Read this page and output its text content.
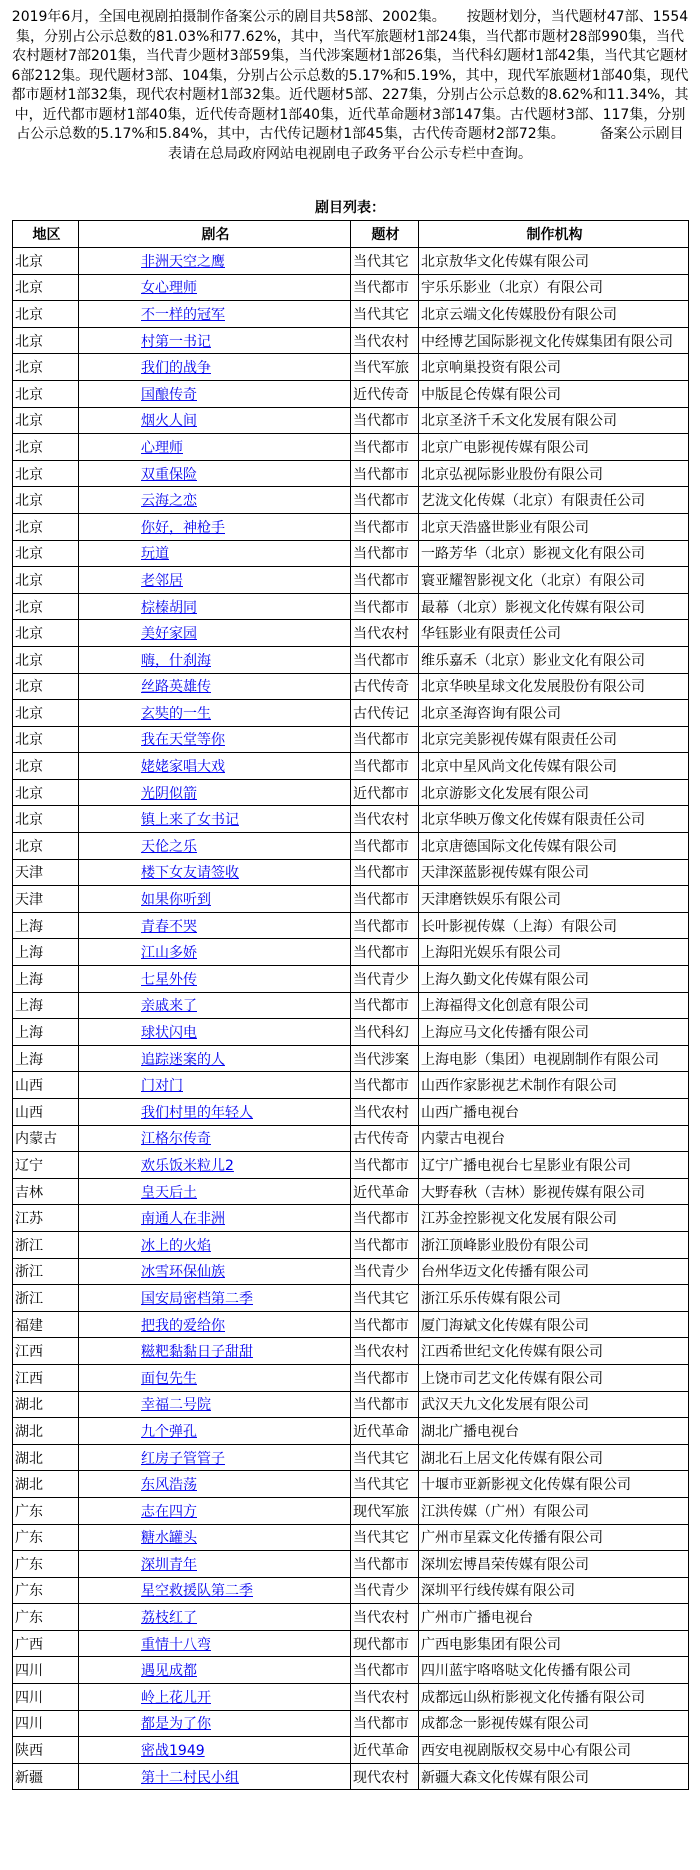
2019年6月，全国电视剧拍摄制作备案公示的剧目共58部、2002集。　　按题材划分，当代题材47部、1554集，分别占公示总数的81.03%和77.62%，其中，当代军旅题材1部24集，当代都市题材28部990集，当代农村题材7部201集，当代青少题材3部59集，当代涉案题材1部26集，当代科幻题材1部42集，当代其它题材6部212集。现代题材3部、104集，分别占公示总数的5.17%和5.19%，其中，现代军旅题材1部40集，现代都市题材1部32集，现代农村题材1部32集。近代题材5部、227集，分别占公示总数的8.62%和11.34%，其中，近代都市题材1部40集，近代传奇题材1部40集，近代革命题材3部147集。古代题材3部、117集，分别占公示总数的5.17%和5.84%，其中，古代传记题材1部45集，古代传奇题材2部72集。　　　备案公示剧目表请在总局政府网站电视剧电子政务平台公示专栏中查询。

剧目列表：
地区	剧名	题材	制作机构
北京	非洲天空之鹰	当代其它	北京敖华文化传媒有限公司
北京	女心理师	当代都市	宇乐乐影业（北京）有限公司
北京	不一样的冠军	当代其它	北京云端文化传媒股份有限公司
北京	村第一书记	当代农村	中经博艺国际影视文化传媒集团有限公司
北京	我们的战争	当代军旅	北京响巢投资有限公司
北京	国酿传奇	近代传奇	中版昆仑传媒有限公司
北京	烟火人间	当代都市	北京圣济千禾文化发展有限公司
北京	心理师	当代都市	北京广电影视传媒有限公司
北京	双重保险	当代都市	北京弘视际影业股份有限公司
北京	云海之恋	当代都市	艺泷文化传媒（北京）有限责任公司
北京	你好，神枪手	当代都市	北京天浩盛世影业有限公司
北京	玩道	当代都市	一路芳华（北京）影视文化有限公司
北京	老邻居	当代都市	寰亚耀智影视文化（北京）有限公司
北京	棕榛胡同	当代都市	最幕（北京）影视文化传媒有限公司
北京	美好家园	当代农村	华钰影业有限责任公司
北京	嗨，什刹海	当代都市	维乐嘉禾（北京）影业文化有限公司
北京	丝路英雄传	古代传奇	北京华映星球文化发展股份有限公司
北京	玄奘的一生	古代传记	北京圣海咨询有限公司
北京	我在天堂等你	当代都市	北京完美影视传媒有限责任公司
北京	姥姥家唱大戏	当代都市	北京中星风尚文化传媒有限公司
北京	光阴似箭	近代都市	北京游影文化发展有限公司
北京	镇上来了女书记	当代农村	北京华映万像文化传媒有限责任公司
北京	天伦之乐	当代都市	北京唐德国际文化传媒有限公司
天津	楼下女友请签收	当代都市	天津深蓝影视传媒有限公司
天津	如果你听到	当代都市	天津磨铁娱乐有限公司
上海	青春不哭	当代都市	长叶影视传媒（上海）有限公司
上海	江山多娇	当代都市	上海阳光娱乐有限公司
上海	七星外传	当代青少	上海久勤文化传媒有限公司
上海	亲戚来了	当代都市	上海福得文化创意有限公司
上海	球状闪电	当代科幻	上海应马文化传播有限公司
上海	追踪迷案的人	当代涉案	上海电影（集团）电视剧制作有限公司
山西	门对门	当代都市	山西作家影视艺术制作有限公司
山西	我们村里的年轻人	当代农村	山西广播电视台
内蒙古	江格尔传奇	古代传奇	内蒙古电视台
辽宁	欢乐饭米粒儿2	当代都市	辽宁广播电视台七星影业有限公司
吉林	皇天后土	近代革命	大野春秋（吉林）影视传媒有限公司
江苏	南通人在非洲	当代都市	江苏金控影视文化发展有限公司
浙江	冰上的火焰	当代都市	浙江顶峰影业股份有限公司
浙江	冰雪环保仙族	当代青少	台州华迈文化传播有限公司
浙江	国安局密档第二季	当代其它	浙江乐乐传媒有限公司
福建	把我的爱给你	当代都市	厦门海斌文化传媒有限公司
江西	糍粑黏黏日子甜甜	当代农村	江西希世纪文化传媒有限公司
江西	面包先生	当代都市	上饶市司艺文化传媒有限公司
湖北	幸福二号院	当代都市	武汉天九文化发展有限公司
湖北	九个弹孔	近代革命	湖北广播电视台
湖北	红房子管管子	当代其它	湖北石上居文化传媒有限公司
湖北	东风浩荡	当代其它	十堰市亚新影视文化传媒有限公司
广东	志在四方	现代军旅	江洪传媒（广州）有限公司
广东	糖水罐头	当代其它	广州市星霖文化传播有限公司
广东	深圳青年	当代都市	深圳宏博昌荣传媒有限公司
广东	星空救援队第二季	当代青少	深圳平行线传媒有限公司
广东	荔枝红了	当代农村	广州市广播电视台
广西	重情十八弯	现代都市	广西电影集团有限公司
四川	遇见成都	当代都市	四川蓝宇咯咯哒文化传播有限公司
四川	岭上花儿开	当代农村	成都远山纵桁影视文化传播有限公司
四川	都是为了你	当代都市	成都念一影视传媒有限公司
陕西	密战1949	近代革命	西安电视剧版权交易中心有限公司
新疆	第十二村民小组	现代农村	新疆大森文化传媒有限公司
